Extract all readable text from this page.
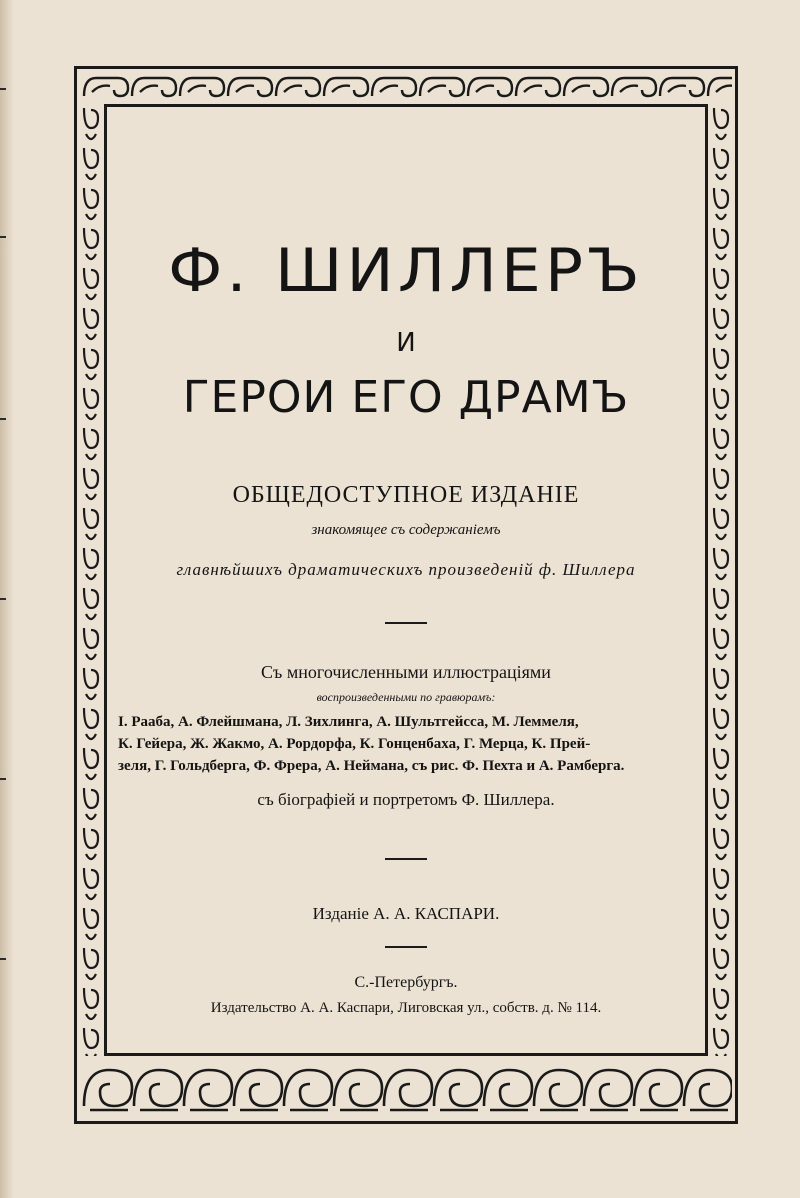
Ф. ШИЛЛЕРЪ
И
ГЕРОИ ЕГО ДРАМЪ
ОБЩЕДОСТУПНОЕ ИЗДАНІЕ
знакомящее съ содержаніемъ
главнѣйшихъ драматическихъ произведеній ф. Шиллера
Съ многочисленными иллюстраціями
воспроизведенными по гравюрамъ:
І. Рааба, А. Флейшмана, Л. Зихлинга, А. Шультгейсса, М. Леммеля,
К. Гейера, Ж. Жакмо, А. Рордорфа, К. Гонценбаха, Г. Мерца, К. Прей-
зеля, Г. Гольдберга, Ф. Фрера, А. Неймана, съ рис. Ф. Пехта и А. Рамберга.
съ біографіей и портретомъ Ф. Шиллера.
Изданіе А. А. КАСПАРИ.
С.-Петербургъ.
Издательство А. А. Каспари, Лиговская ул., собств. д. № 114.
